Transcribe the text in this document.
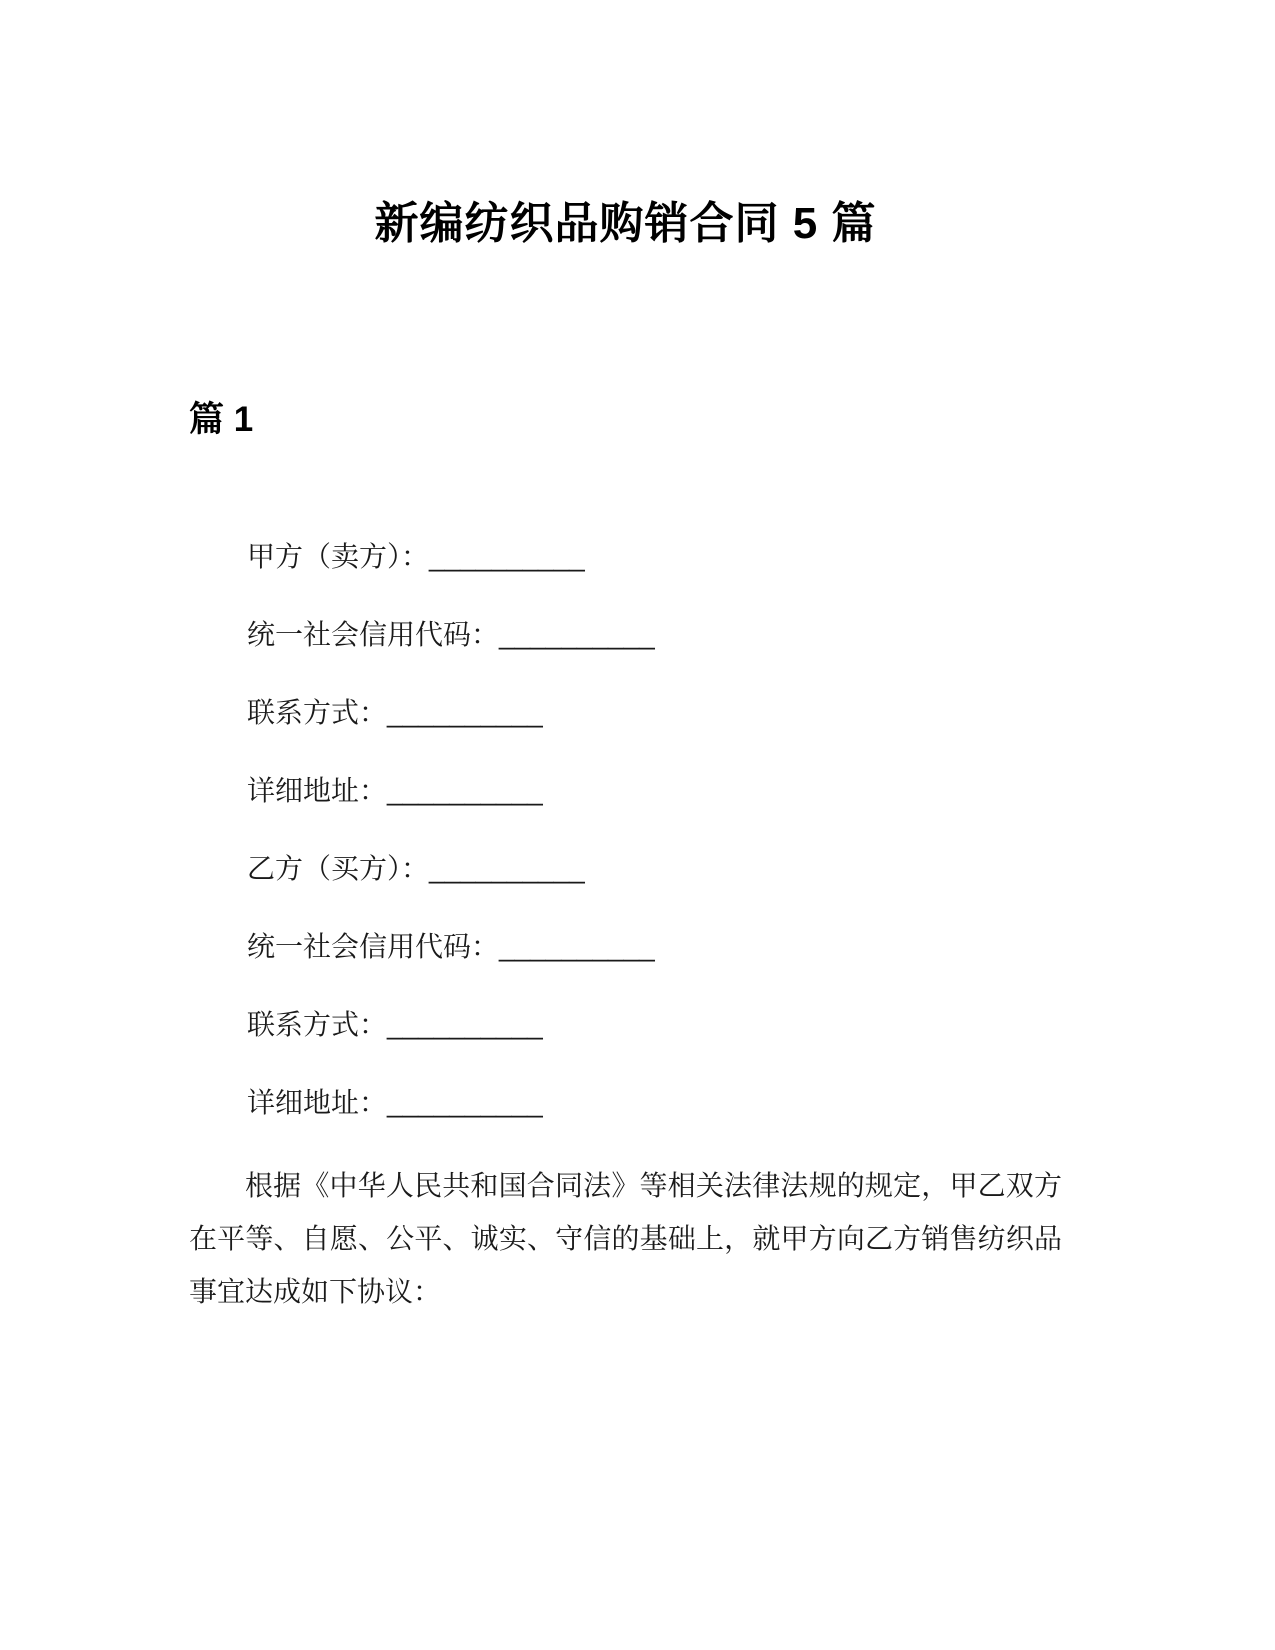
新编纺织品购销合同 5 篇
篇 1

甲方（卖方）：__________

统一社会信用代码：__________

联系方式：__________

详细地址：__________

乙方（买方）：__________

统一社会信用代码：__________

联系方式：__________

详细地址：__________

根据《中华人民共和国合同法》等相关法律法规的规定，甲乙双方在平等、自愿、公平、诚实、守信的基础上，就甲方向乙方销售纺织品事宜达成如下协议：
